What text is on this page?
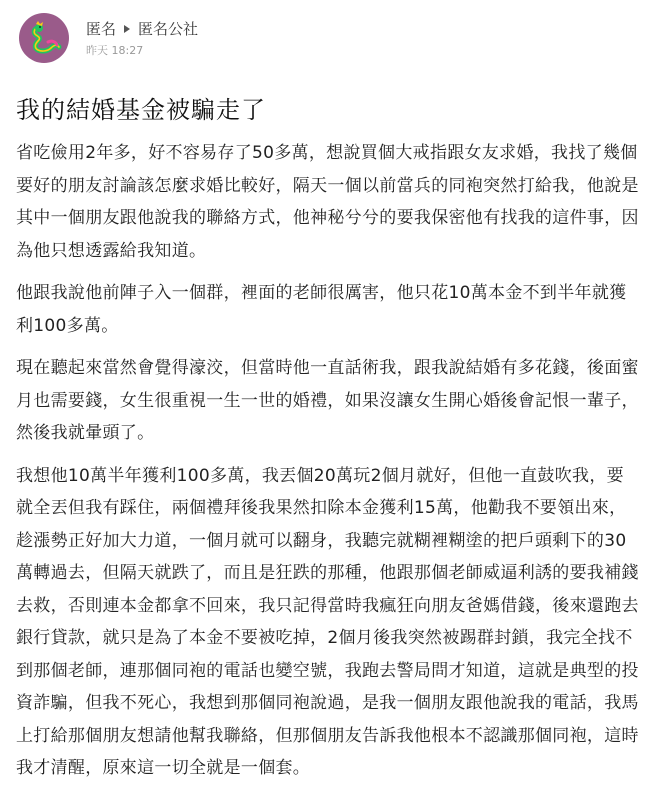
匿名 匿名公社
昨天 18:27
我的結婚基金被騙走了

省吃儉用2年多，好不容易存了50多萬，想說買個大戒指跟女友求婚，我找了幾個要好的朋友討論該怎麼求婚比較好，隔天一個以前當兵的同袍突然打給我，他說是其中一個朋友跟他說我的聯絡方式，他神秘兮兮的要我保密他有找我的這件事，因為他只想透露給我知道。

他跟我說他前陣子入一個群，裡面的老師很厲害，他只花10萬本金不到半年就獲利100多萬。

現在聽起來當然會覺得濠洨，但當時他一直話術我，跟我說結婚有多花錢，後面蜜月也需要錢，女生很重視一生一世的婚禮，如果沒讓女生開心婚後會記恨一輩子，然後我就暈頭了。

我想他10萬半年獲利100多萬，我丟個20萬玩2個月就好，但他一直鼓吹我，要就全丟但我有踩住，兩個禮拜後我果然扣除本金獲利15萬，他勸我不要領出來，趁漲勢正好加大力道，一個月就可以翻身，我聽完就糊裡糊塗的把戶頭剩下的30萬轉過去，但隔天就跌了，而且是狂跌的那種，他跟那個老師威逼利誘的要我補錢去救，否則連本金都拿不回來，我只記得當時我瘋狂向朋友爸媽借錢，後來還跑去銀行貸款，就只是為了本金不要被吃掉，2個月後我突然被踢群封鎖，我完全找不到那個老師，連那個同袍的電話也變空號，我跑去警局問才知道，這就是典型的投資詐騙，但我不死心，我想到那個同袍說過，是我一個朋友跟他說我的電話，我馬上打給那個朋友想請他幫我聯絡，但那個朋友告訴我他根本不認識那個同袍，這時我才清醒，原來這一切全就是一個套。
